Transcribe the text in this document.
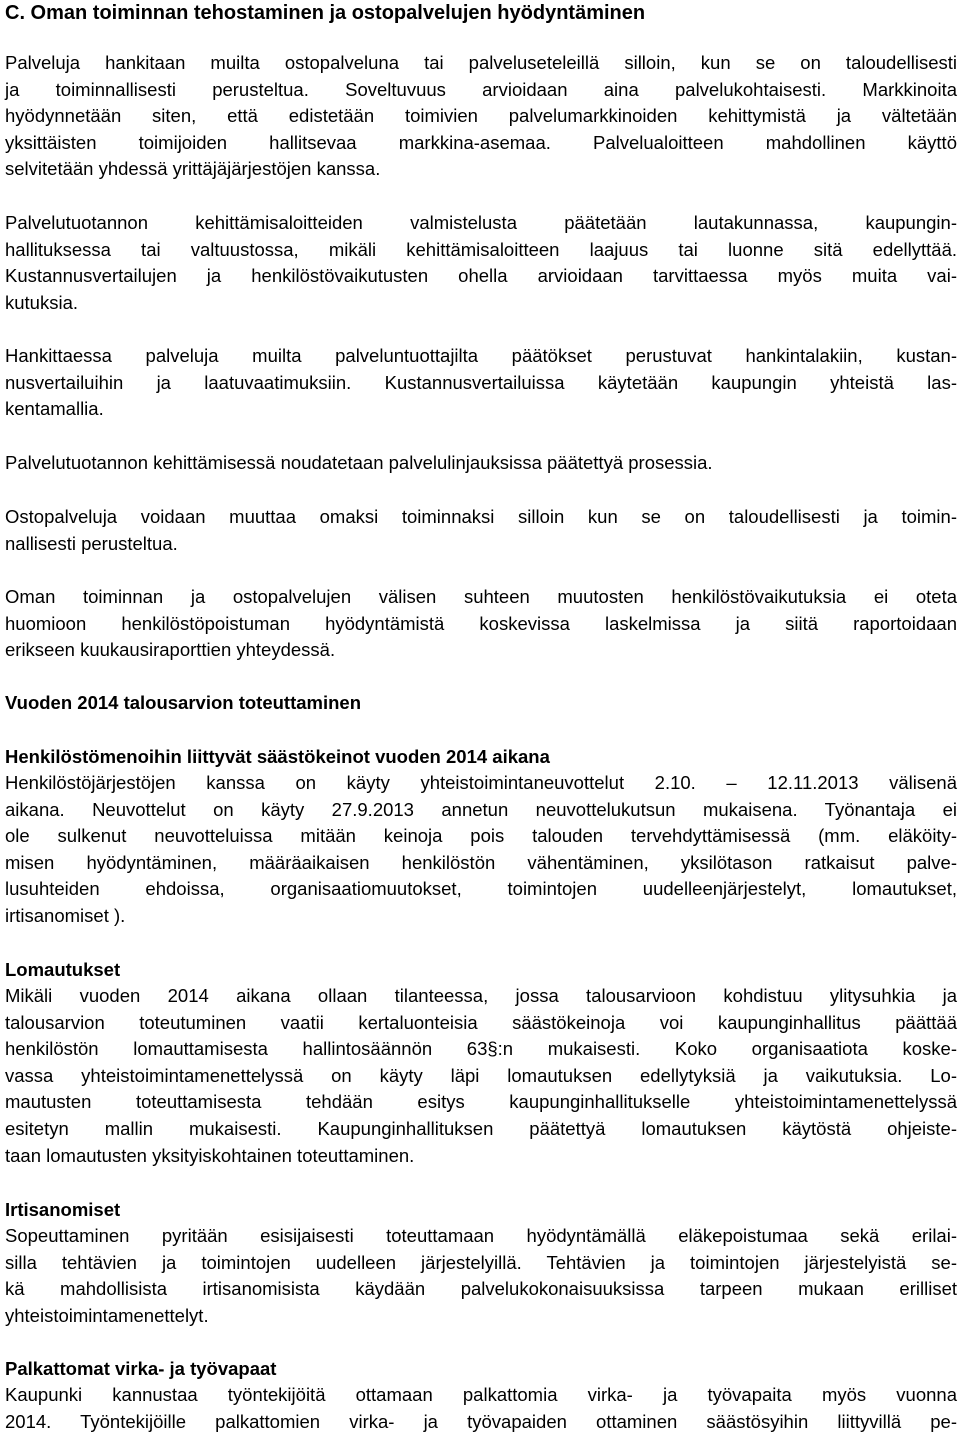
C. Oman toiminnan tehostaminen ja ostopalvelujen hyödyntäminen
Palveluja hankitaan muilta ostopalveluna tai palveluseteleillä silloin, kun se on taloudellisesti
ja toiminnallisesti perusteltua. Soveltuvuus arvioidaan aina palvelukohtaisesti. Markkinoita
hyödynnetään siten, että edistetään toimivien palvelumarkkinoiden kehittymistä ja vältetään
yksittäisten toimijoiden hallitsevaa markkina-asemaa. Palvelualoitteen mahdollinen käyttö
selvitetään yhdessä yrittäjäjärjestöjen kanssa.
Palvelutuotannon kehittämisaloitteiden valmistelusta päätetään lautakunnassa, kaupungin-
hallituksessa tai valtuustossa, mikäli kehittämisaloitteen laajuus tai luonne sitä edellyttää.
Kustannusvertailujen ja henkilöstövaikutusten ohella arvioidaan tarvittaessa myös muita vai-
kutuksia.
Hankittaessa palveluja muilta palveluntuottajilta päätökset perustuvat hankintalakiin, kustan-
nusvertailuihin ja laatuvaatimuksiin. Kustannusvertailuissa käytetään kaupungin yhteistä las-
kentamallia.
Palvelutuotannon kehittämisessä noudatetaan palvelulinjauksissa päätettyä prosessia.
Ostopalveluja voidaan muuttaa omaksi toiminnaksi silloin kun se on taloudellisesti ja toimin-
nallisesti perusteltua.
Oman toiminnan ja ostopalvelujen välisen suhteen muutosten henkilöstövaikutuksia ei oteta
huomioon henkilöstöpoistuman hyödyntämistä koskevissa laskelmissa ja siitä raportoidaan
erikseen kuukausiraporttien yhteydessä.
Vuoden 2014 talousarvion toteuttaminen
Henkilöstömenoihin liittyvät säästökeinot vuoden 2014 aikana
Henkilöstöjärjestöjen kanssa on käyty yhteistoimintaneuvottelut 2.10. – 12.11.2013 välisenä
aikana. Neuvottelut on käyty 27.9.2013 annetun neuvottelukutsun mukaisena. Työnantaja ei
ole sulkenut neuvotteluissa mitään keinoja pois talouden tervehdyttämisessä (mm. eläköity-
misen hyödyntäminen, määräaikaisen henkilöstön vähentäminen, yksilötason ratkaisut palve-
lusuhteiden ehdoissa, organisaatiomuutokset, toimintojen uudelleenjärjestelyt, lomautukset,
irtisanomiset ).
Lomautukset
Mikäli vuoden 2014 aikana ollaan tilanteessa, jossa talousarvioon kohdistuu ylitysuhkia ja
talousarvion toteutuminen vaatii kertaluonteisia säästökeinoja voi kaupunginhallitus päättää
henkilöstön lomauttamisesta hallintosäännön 63§:n mukaisesti. Koko organisaatiota koske-
vassa yhteistoimintamenettelyssä on käyty läpi lomautuksen edellytyksiä ja vaikutuksia. Lo-
mautusten toteuttamisesta tehdään esitys kaupunginhallitukselle yhteistoimintamenettelyssä
esitetyn mallin mukaisesti. Kaupunginhallituksen päätettyä lomautuksen käytöstä ohjeiste-
taan lomautusten yksityiskohtainen toteuttaminen.
Irtisanomiset
Sopeuttaminen pyritään esisijaisesti toteuttamaan hyödyntämällä eläkepoistumaa sekä erilai-
silla tehtävien ja toimintojen uudelleen järjestelyillä. Tehtävien ja toimintojen järjestelyistä se-
kä mahdollisista irtisanomisista käydään palvelukokonaisuuksissa tarpeen mukaan erilliset
yhteistoimintamenettelyt.
Palkattomat virka- ja työvapaat
Kaupunki kannustaa työntekijöitä ottamaan palkattomia virka- ja työvapaita myös vuonna
2014. Työntekijöille palkattomien virka- ja työvapaiden ottaminen säästösyihin liittyvillä pe-
